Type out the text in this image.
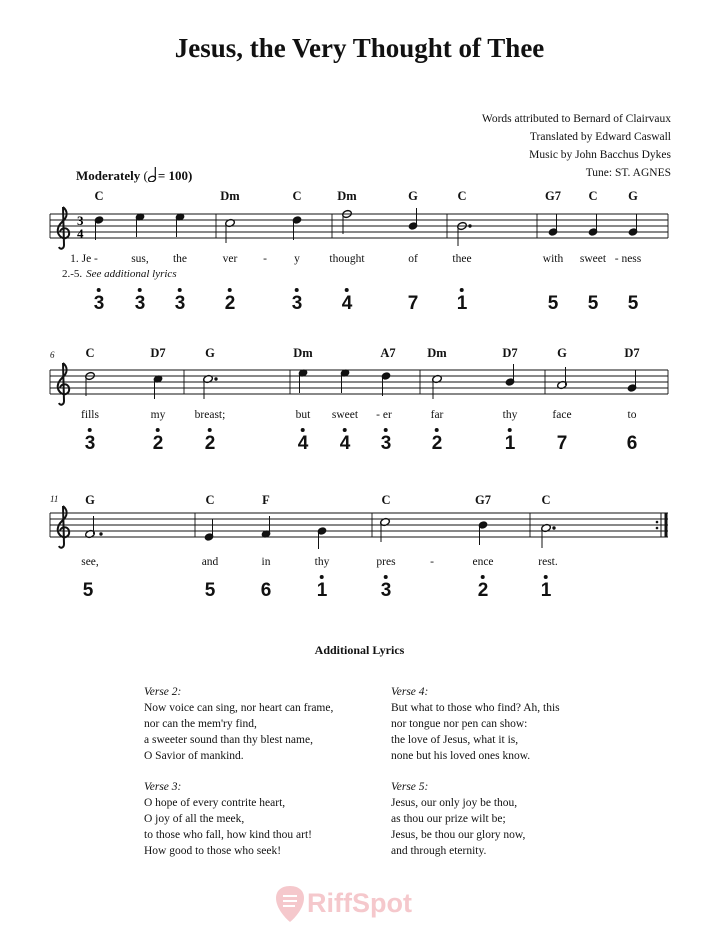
Jesus, the Very Thought of Thee
Words attributed to Bernard of Clairvaux
Translated by Edward Caswall
Music by John Bacchus Dykes
Tune: ST. AGNES
Moderately ( = 100)
3
4
C	Dm	C	Dm	G	C	G7 C G
1. Je -	sus, the	ver - y	thought	of	thee	with sweet - ness
2.-5. See additional lyrics
3 3 3 2	3 4	7 1	5 5 5
6 C	D7	G	Dm	A7	Dm	D7	G	D7
fills	my	breast;	but sweet - er	far	thy	face	to
3	2 2	4 4 3 2	1 7	6
11 G	C	F	C	G7	C
see,	and	in	thy	pres	-	ence	rest.
5	5 6 1	3	2	1
Additional Lyrics
Verse 2:
Now voice can sing, nor heart can frame,
nor can the mem'ry find,
a sweeter sound than thy blest name,
O Savior of mankind.
Verse 3:
O hope of every contrite heart,
O joy of all the meek,
to those who fall, how kind thou art!
How good to those who seek!
Verse 4:
But what to those who find? Ah, this
nor tongue nor pen can show:
the love of Jesus, what it is,
none but his loved ones know.
Verse 5:
Jesus, our only joy be thou,
as thou our prize wilt be;
Jesus, be thou our glory now,
and through eternity.
RiffSpot
